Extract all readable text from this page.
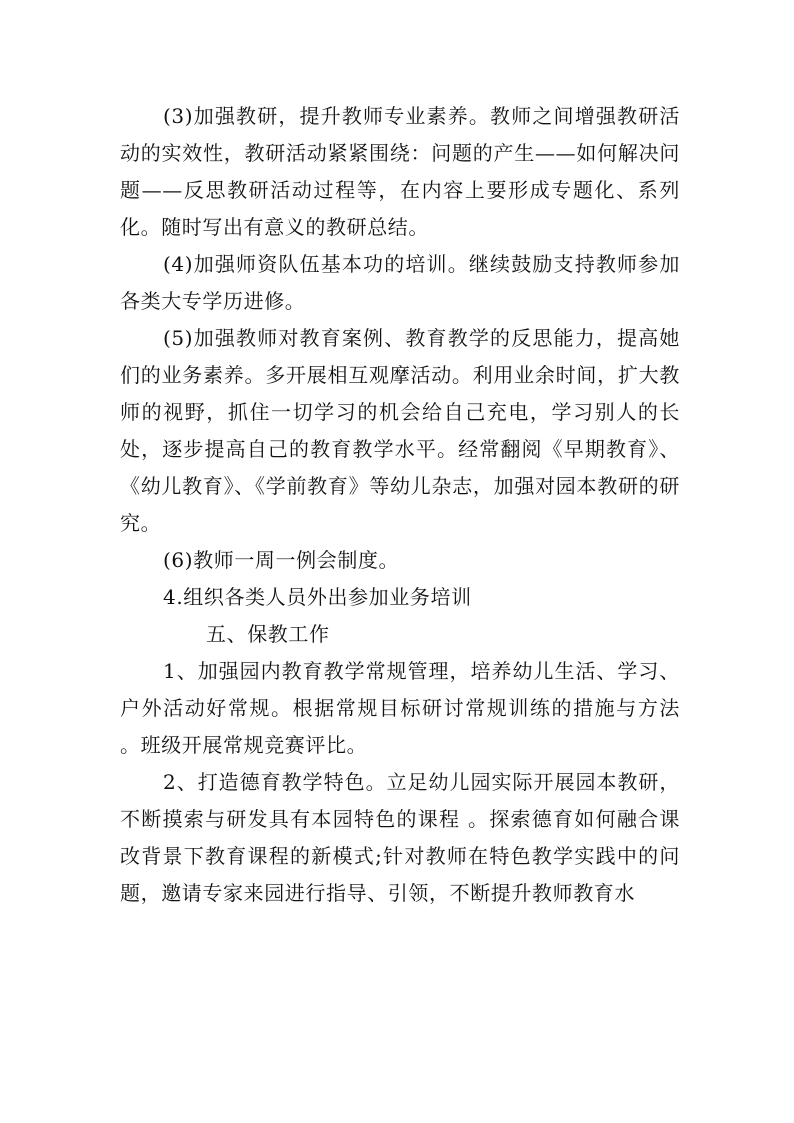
(3)加强教研，提升教师专业素养。教师之间增强教研活动的实效性，教研活动紧紧围绕：问题的产生——如何解决问题——反思教研活动过程等，在内容上要形成专题化、系列化。随时写出有意义的教研总结。

(4)加强师资队伍基本功的培训。继续鼓励支持教师参加各类大专学历进修。

(5)加强教师对教育案例、教育教学的反思能力，提高她们的业务素养。多开展相互观摩活动。利用业余时间，扩大教师的视野，抓住一切学习的机会给自己充电，学习别人的长处，逐步提高自己的教育教学水平。经常翻阅《早期教育》、《幼儿教育》、《学前教育》等幼儿杂志，加强对园本教研的研究。

(6)教师一周一例会制度。

4.组织各类人员外出参加业务培训

五、保教工作

1、加强园内教育教学常规管理，培养幼儿生活、学习、户外活动好常规。根据常规目标研讨常规训练的措施与方法 。班级开展常规竞赛评比。

2、打造德育教学特色。立足幼儿园实际开展园本教研，不断摸索与研发具有本园特色的课程 。探索德育如何融合课改背景下教育课程的新模式;针对教师在特色教学实践中的问题，邀请专家来园进行指导、引领，不断提升教师教育水
